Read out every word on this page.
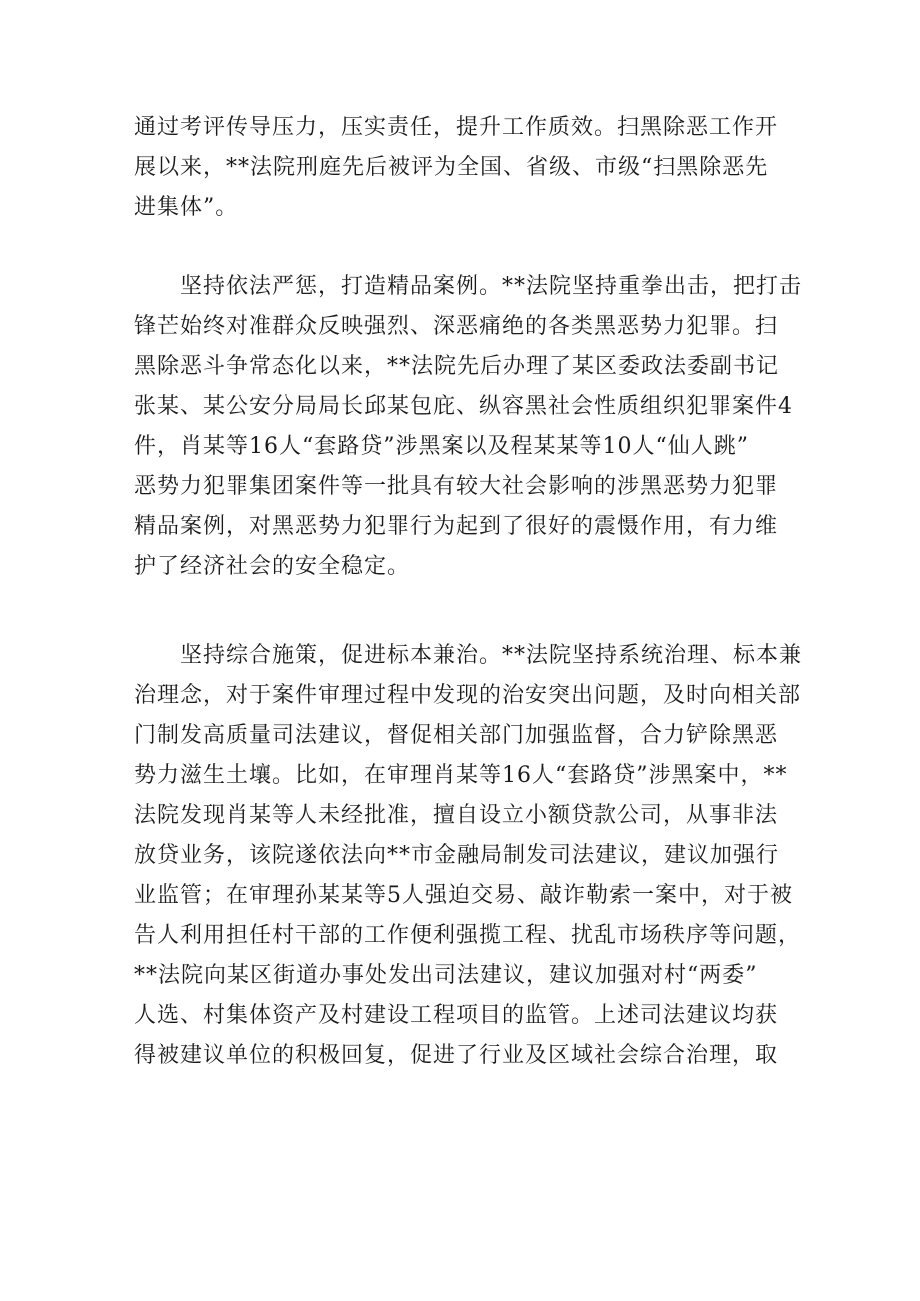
通过考评传导压力，压实责任，提升工作质效。扫黑除恶工作开
展以来，**法院刑庭先后被评为全国、省级、市级“扫黑除恶先
进集体”。
　　坚持依法严惩，打造精品案例。**法院坚持重拳出击，把打击
锋芒始终对准群众反映强烈、深恶痛绝的各类黑恶势力犯罪。扫
黑除恶斗争常态化以来，**法院先后办理了某区委政法委副书记
张某、某公安分局局长邱某包庇、纵容黑社会性质组织犯罪案件4
件，肖某等16人“套路贷”涉黑案以及程某某等10人“仙人跳”
恶势力犯罪集团案件等一批具有较大社会影响的涉黑恶势力犯罪
精品案例，对黑恶势力犯罪行为起到了很好的震慑作用，有力维
护了经济社会的安全稳定。
　　坚持综合施策，促进标本兼治。**法院坚持系统治理、标本兼
治理念，对于案件审理过程中发现的治安突出问题，及时向相关部
门制发高质量司法建议，督促相关部门加强监督，合力铲除黑恶
势力滋生土壤。比如，在审理肖某等16人“套路贷”涉黑案中，**
法院发现肖某等人未经批准，擅自设立小额贷款公司，从事非法
放贷业务，该院遂依法向**市金融局制发司法建议，建议加强行
业监管；在审理孙某某等5人强迫交易、敲诈勒索一案中，对于被
告人利用担任村干部的工作便利强揽工程、扰乱市场秩序等问题，
**法院向某区街道办事处发出司法建议，建议加强对村“两委”
人选、村集体资产及村建设工程项目的监管。上述司法建议均获
得被建议单位的积极回复，促进了行业及区域社会综合治理，取
